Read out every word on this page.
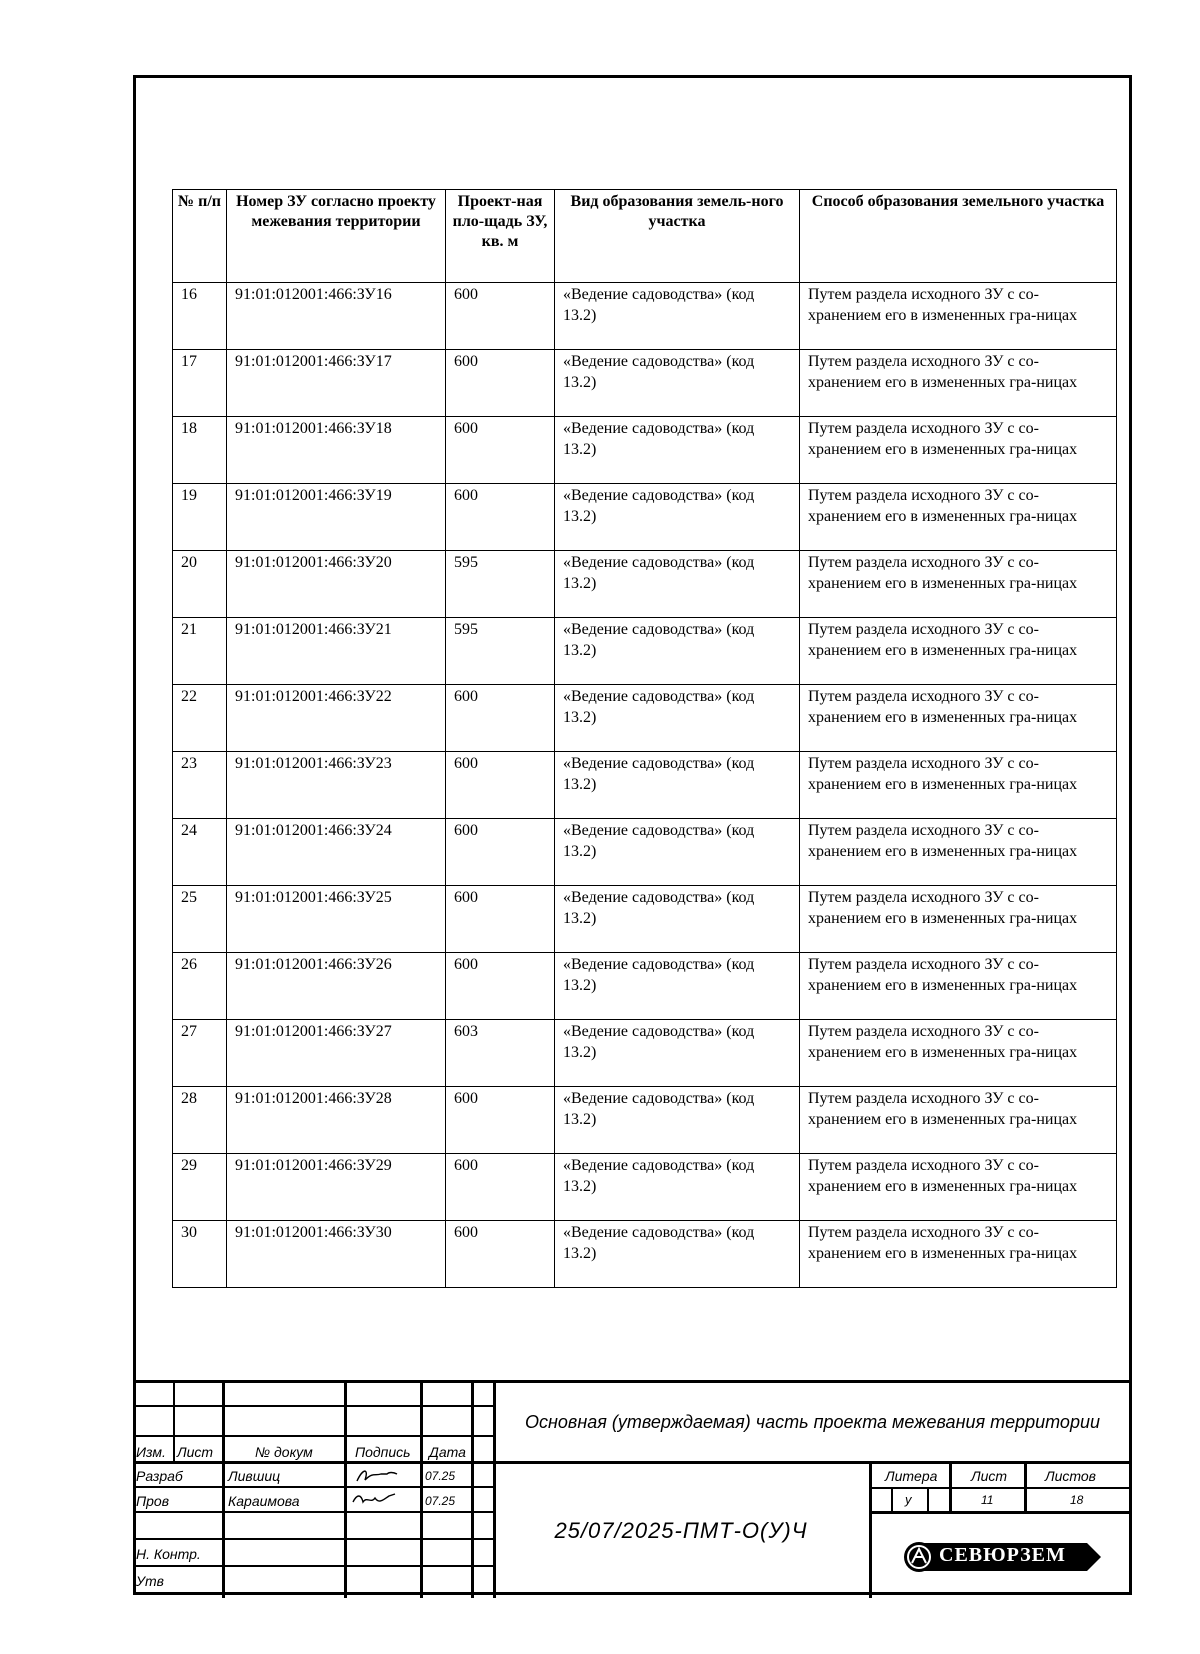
№ п/п	Номер ЗУ согласно проекту межевания территории	Проект-ная пло-щадь ЗУ, кв. м	Вид образования земель-ного участка	Способ образования земельного участка
16	91:01:012001:466:ЗУ16	600	«Ведение садоводства» (код 13.2)	Путем раздела исходного ЗУ с со-хранением его в измененных гра-ницах
17	91:01:012001:466:ЗУ17	600	«Ведение садоводства» (код 13.2)	Путем раздела исходного ЗУ с со-хранением его в измененных гра-ницах
18	91:01:012001:466:ЗУ18	600	«Ведение садоводства» (код 13.2)	Путем раздела исходного ЗУ с со-хранением его в измененных гра-ницах
19	91:01:012001:466:ЗУ19	600	«Ведение садоводства» (код 13.2)	Путем раздела исходного ЗУ с со-хранением его в измененных гра-ницах
20	91:01:012001:466:ЗУ20	595	«Ведение садоводства» (код 13.2)	Путем раздела исходного ЗУ с со-хранением его в измененных гра-ницах
21	91:01:012001:466:ЗУ21	595	«Ведение садоводства» (код 13.2)	Путем раздела исходного ЗУ с со-хранением его в измененных гра-ницах
22	91:01:012001:466:ЗУ22	600	«Ведение садоводства» (код 13.2)	Путем раздела исходного ЗУ с со-хранением его в измененных гра-ницах
23	91:01:012001:466:ЗУ23	600	«Ведение садоводства» (код 13.2)	Путем раздела исходного ЗУ с со-хранением его в измененных гра-ницах
24	91:01:012001:466:ЗУ24	600	«Ведение садоводства» (код 13.2)	Путем раздела исходного ЗУ с со-хранением его в измененных гра-ницах
25	91:01:012001:466:ЗУ25	600	«Ведение садоводства» (код 13.2)	Путем раздела исходного ЗУ с со-хранением его в измененных гра-ницах
26	91:01:012001:466:ЗУ26	600	«Ведение садоводства» (код 13.2)	Путем раздела исходного ЗУ с со-хранением его в измененных гра-ницах
27	91:01:012001:466:ЗУ27	603	«Ведение садоводства» (код 13.2)	Путем раздела исходного ЗУ с со-хранением его в измененных гра-ницах
28	91:01:012001:466:ЗУ28	600	«Ведение садоводства» (код 13.2)	Путем раздела исходного ЗУ с со-хранением его в измененных гра-ницах
29	91:01:012001:466:ЗУ29	600	«Ведение садоводства» (код 13.2)	Путем раздела исходного ЗУ с со-хранением его в измененных гра-ницах
30	91:01:012001:466:ЗУ30	600	«Ведение садоводства» (код 13.2)	Путем раздела исходного ЗУ с со-хранением его в измененных гра-ницах
Изм. Лист	№ докум	Подпись Дата
Разраб	Лившиц	07.25
Пров	Караимова	07.25
Н. Контр.
Утв
Основная (утверждаемая) часть проекта межевания территории
25/07/2025-ПМТ-О(У)Ч
Литера Лист	Листов
у	11	18
СЕВЮРЗЕМ
